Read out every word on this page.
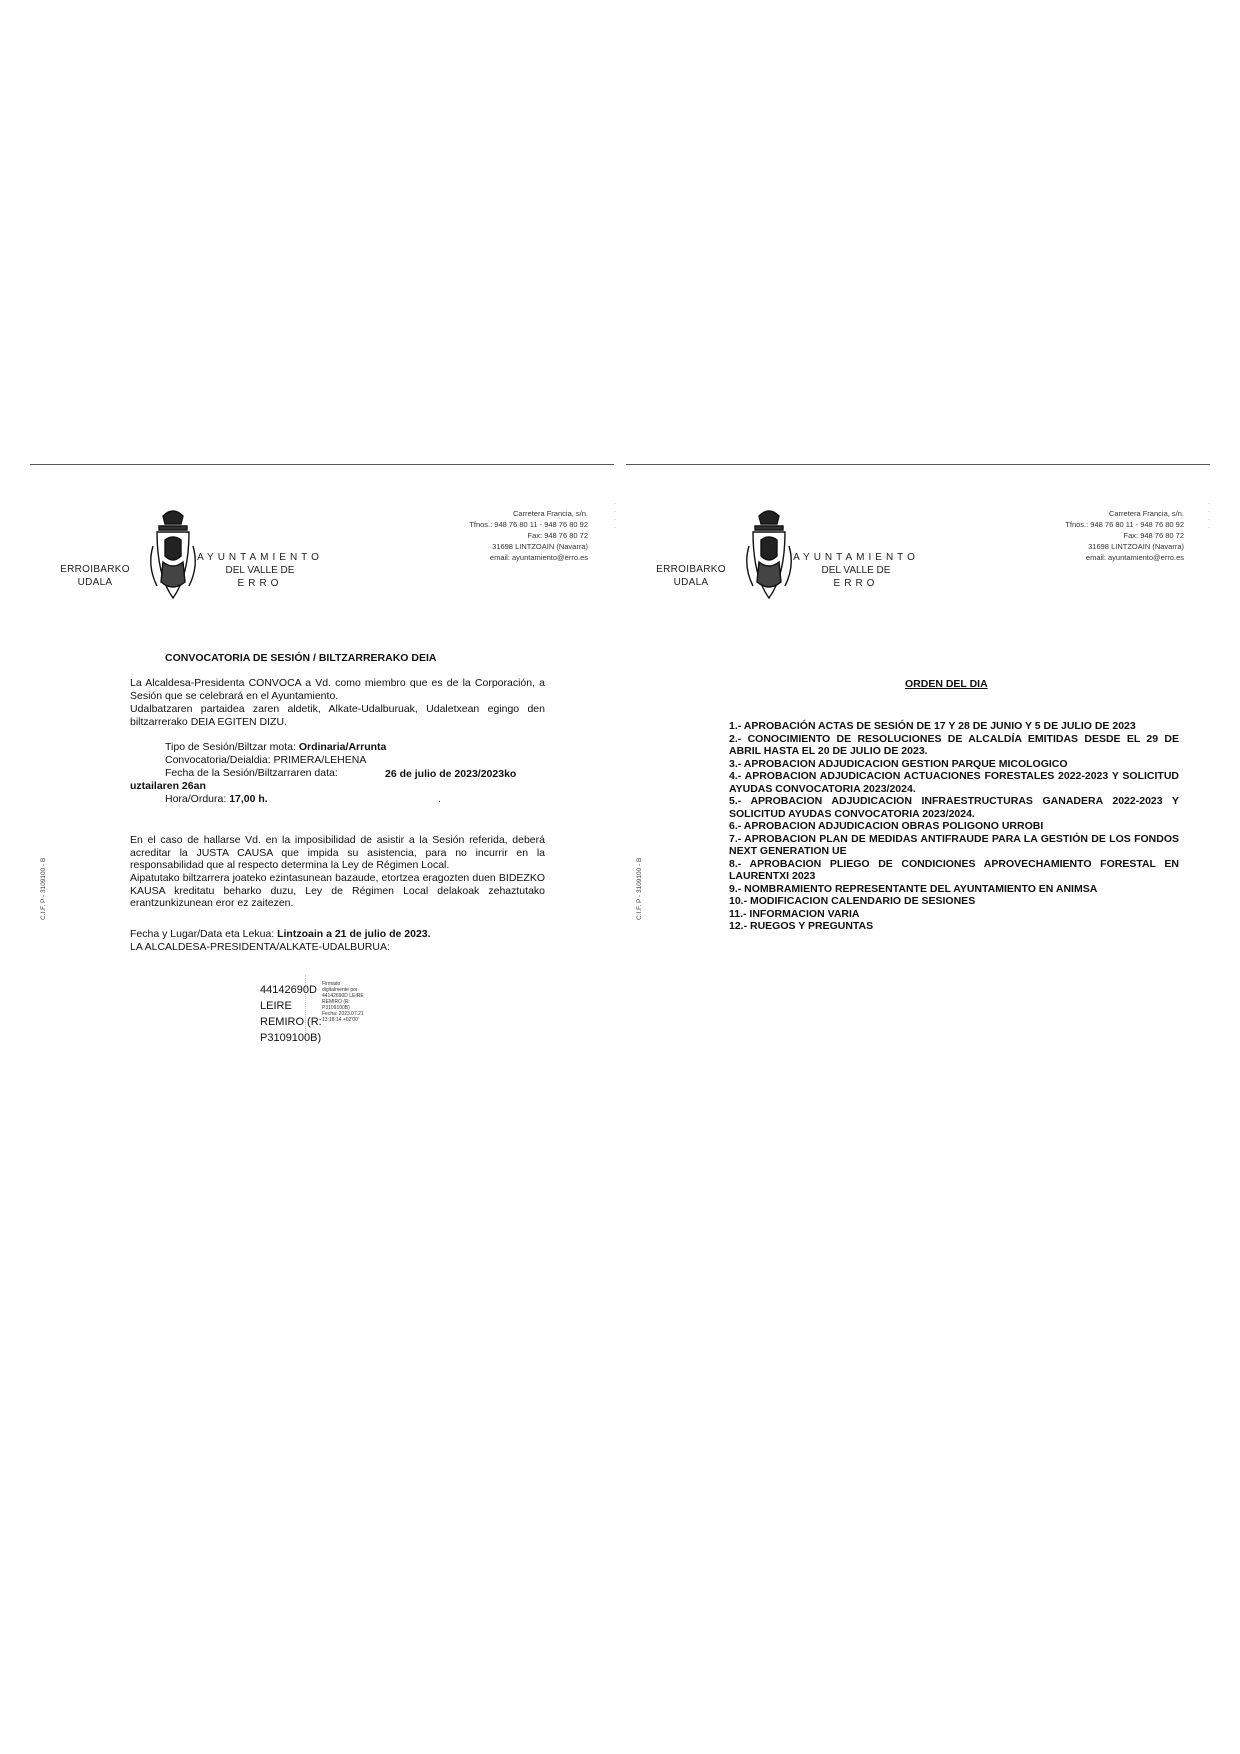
ERROIBARKO
UDALA
AYUNTAMIENTO
DEL VALLE DE
ERRO
Carretera Francia, s/n.
Tfnos.: 948 76 80 11 - 948 76 80 92
Fax: 948 76 80 72
31698 LINTZOAIN (Navarra)
email: ayuntamiento@erro.es
·
·
·
·
C.I.F. P - 3109100 - B
CONVOCATORIA DE SESIÓN / BILTZARRERAKO DEIA
La Alcaldesa-Presidenta CONVOCA a Vd. como miembro que es de la Corporación, a Sesión que se celebrará en el Ayuntamiento.
Udalbatzaren partaidea zaren aldetik, Alkate-Udalburuak, Udaletxean egingo den biltzarrerako DEIA EGITEN DIZU.
Tipo de Sesión/Biltzar mota: Ordinaria/Arrunta
Convocatoria/Deialdia: PRIMERA/LEHENA
Fecha de la Sesión/Biltzarraren data:	26 de julio de 2023/2023ko
uztailaren 26an
Hora/Ordura: 17,00 h.	.
En el caso de hallarse Vd. en la imposibilidad de asistir a la Sesión referida, deberá acreditar la JUSTA CAUSA que impida su asistencia, para no incurrir en la responsabilidad que al respecto determina la Ley de Régimen Local.
Aipatutako biltzarrera joateko ezintasunean bazaude, etortzea eragozten duen BIDEZKO KAUSA kreditatu beharko duzu, Ley de Régimen Local delakoak zehaztutako erantzunkizunean eror ez zaitezen.
Fecha y Lugar/Data eta Lekua: Lintzoain a 21 de julio de 2023.
LA ALCALDESA-PRESIDENTA/ALKATE-UDALBURUA:
44142690D
LEIRE
REMIRO (R:
P3109100B)
Firmado
digitalmente por
44142690D LEIRE
REMIRO (R:
P3109100B)
Fecha: 2023.07.21
13:18:14 +02'00'
ERROIBARKO
UDALA
AYUNTAMIENTO
DEL VALLE DE
ERRO
Carretera Francia, s/n.
Tfnos.: 948 76 80 11 - 948 76 80 92
Fax: 948 76 80 72
31698 LINTZOAIN (Navarra)
email: ayuntamiento@erro.es
·
·
·
·
C.I.F. P - 3109100 - B
ORDEN DEL DIA

1.- APROBACIÓN ACTAS DE SESIÓN DE 17 Y 28 DE JUNIO Y 5 DE JULIO DE 2023

2.- CONOCIMIENTO DE RESOLUCIONES DE ALCALDÍA EMITIDAS DESDE EL 29 DE ABRIL HASTA EL 20 DE JULIO DE 2023.

3.- APROBACION ADJUDICACION GESTION PARQUE MICOLOGICO

4.- APROBACION ADJUDICACION ACTUACIONES FORESTALES 2022-2023 Y SOLICITUD AYUDAS CONVOCATORIA 2023/2024.

5.- APROBACION ADJUDICACION INFRAESTRUCTURAS GANADERA 2022-2023 Y SOLICITUD AYUDAS CONVOCATORIA 2023/2024.

6.- APROBACION ADJUDICACION OBRAS POLIGONO URROBI

7.- APROBACION PLAN DE MEDIDAS ANTIFRAUDE PARA LA GESTIÓN DE LOS FONDOS NEXT GENERATION UE

8.- APROBACION PLIEGO DE CONDICIONES APROVECHAMIENTO FORESTAL EN LAURENTXI 2023

9.- NOMBRAMIENTO REPRESENTANTE DEL AYUNTAMIENTO EN ANIMSA

10.- MODIFICACION CALENDARIO DE SESIONES

11.- INFORMACION VARIA

12.- RUEGOS Y PREGUNTAS
